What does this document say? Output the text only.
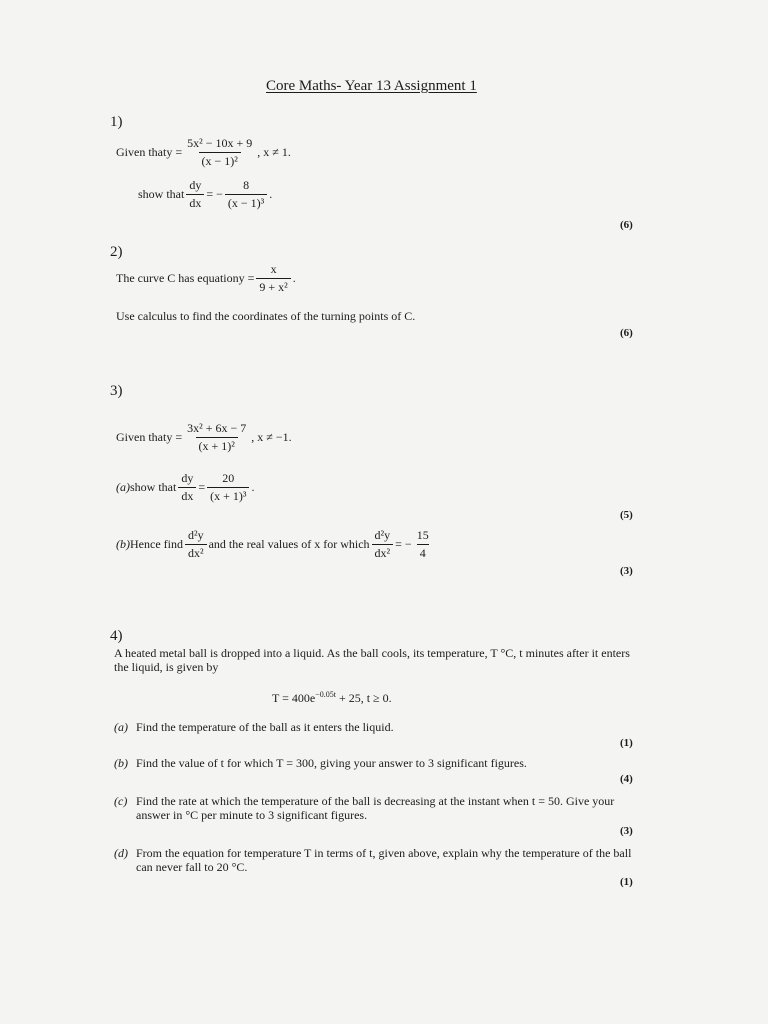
Core Maths- Year 13 Assignment 1
1)
Given that $y = \frac{\text{5x² − 10x + 9}}{\text{(x − 1)²}}$ , x ≠ 1.
show that $\frac{dy}{dx}$ = − $\frac{8}{\text{(x − 1)³}}$ .
(6)
2)
The curve C has equation $y = \frac{x}{\text{9 + x²}}$ .
Use calculus to find the coordinates of the turning points of C.
(6)
3)
Given that $y = \frac{\text{3x² + 6x − 7}}{\text{(x + 1)²}}$ , x ≠ −1.
(a) show that $\frac{dy}{dx} = \frac{20}{\text{(x + 1)³}}$ .
(5)
(b) Hence find $\frac{\text{d²y}}{\text{dx²}}$ and the real values of x for which $\frac{\text{d²y}}{\text{dx²}}$ = − $\frac{15}{4}$
(3)
4)
A heated metal ball is dropped into a liquid. As the ball cools, its temperature, T °C, t minutes after it enters the liquid, is given by
$T = 400e^{-0.05t} + 25$, t ≥ 0.
(a) Find the temperature of the ball as it enters the liquid.
(1)
(b) Find the value of t for which T = 300, giving your answer to 3 significant figures.
(4)
(c) Find the rate at which the temperature of the ball is decreasing at the instant when t = 50. Give your answer in °C per minute to 3 significant figures.
(3)
(d) From the equation for temperature T in terms of t, given above, explain why the temperature of the ball can never fall to 20 °C.
(1)
